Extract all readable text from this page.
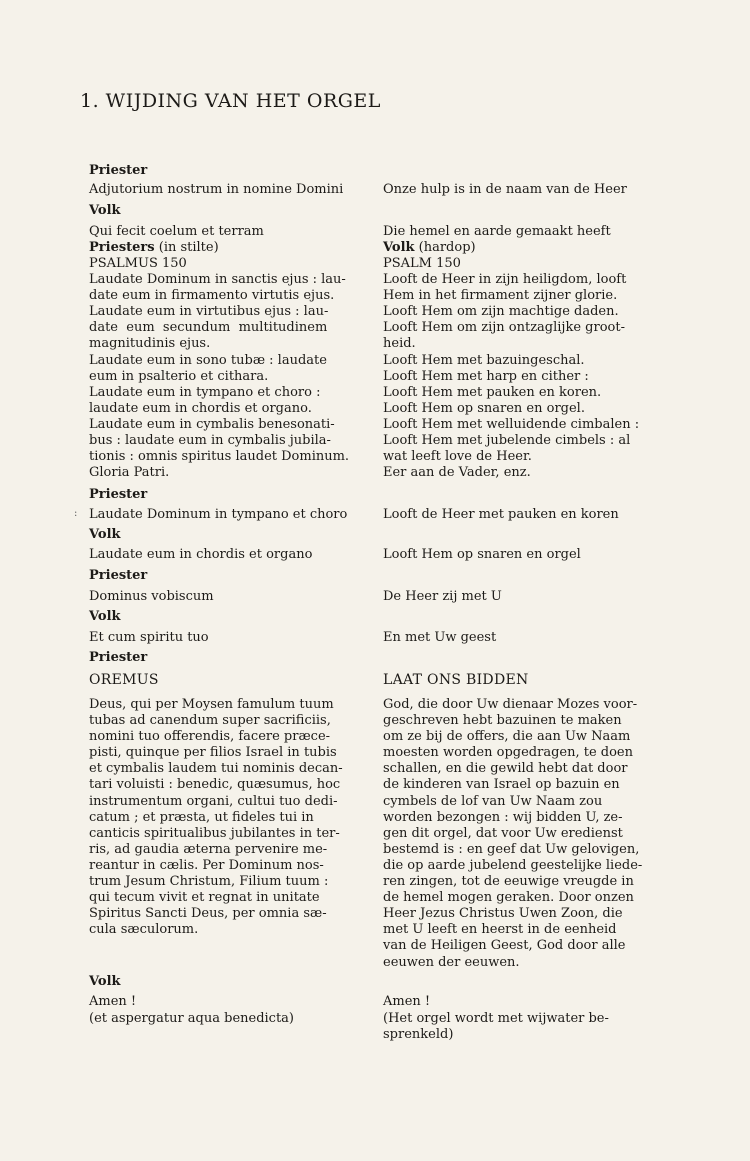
1. WIJDING VAN HET ORGEL
Priester
Adjutorium nostrum in nomine Domini
Volk
Qui fecit coelum et terram
Priesters (in stilte)
PSALMUS 150
Laudate Dominum in sanctis ejus : lau-
date eum in firmamento virtutis ejus.
Laudate eum in virtutibus ejus : lau-
date  eum  secundum  multitudinem
magnitudinis ejus.
Laudate eum in sono tubæ : laudate
eum in psalterio et cithara.
Laudate eum in tympano et choro :
laudate eum in chordis et organo.
Laudate eum in cymbalis benesonati-
bus : laudate eum in cymbalis jubila-
tionis : omnis spiritus laudet Dominum.
Gloria Patri.
Priester
: Laudate Dominum in tympano et choro
Volk
Laudate eum in chordis et organo
Priester
Dominus vobiscum
Volk
Et cum spiritu tuo
Priester
OREMUS
Deus, qui per Moysen famulum tuum
tubas ad canendum super sacrificiis,
nomini tuo offerendis, facere præce-
pisti, quinque per filios Israel in tubis
et cymbalis laudem tui nominis decan-
tari voluisti : benedic, quæsumus, hoc
instrumentum organi, cultui tuo dedi-
catum ; et præsta, ut fideles tui in
canticis spiritualibus jubilantes in ter-
ris, ad gaudia æterna pervenire me-
reantur in cælis. Per Dominum nos-
trum Jesum Christum, Filium tuum :
qui tecum vivit et regnat in unitate
Spiritus Sancti Deus, per omnia sæ-
cula sæculorum.
Volk
Amen !
(et aspergatur aqua benedicta)
Onze hulp is in de naam van de Heer
Die hemel en aarde gemaakt heeft
Volk (hardop)
PSALM 150
Looft de Heer in zijn heiligdom, looft
Hem in het firmament zijner glorie.
Looft Hem om zijn machtige daden.
Looft Hem om zijn ontzaglijke groot-
heid.
Looft Hem met bazuingeschal.
Looft Hem met harp en cither :
Looft Hem met pauken en koren.
Looft Hem op snaren en orgel.
Looft Hem met welluidende cimbalen :
Looft Hem met jubelende cimbels : al
wat leeft love de Heer.
Eer aan de Vader, enz.
Looft de Heer met pauken en koren
Looft Hem op snaren en orgel
De Heer zij met U
En met Uw geest
LAAT ONS BIDDEN
God, die door Uw dienaar Mozes voor-
geschreven hebt bazuinen te maken
om ze bij de offers, die aan Uw Naam
moesten worden opgedragen, te doen
schallen, en die gewild hebt dat door
de kinderen van Israel op bazuin en
cymbels de lof van Uw Naam zou
worden bezongen : wij bidden U, ze-
gen dit orgel, dat voor Uw eredienst
bestemd is : en geef dat Uw gelovigen,
die op aarde jubelend geestelijke liede-
ren zingen, tot de eeuwige vreugde in
de hemel mogen geraken. Door onzen
Heer Jezus Christus Uwen Zoon, die
met U leeft en heerst in de eenheid
van de Heiligen Geest, God door alle
eeuwen der eeuwen.
Amen !
(Het orgel wordt met wijwater be-
sprenkeld)
